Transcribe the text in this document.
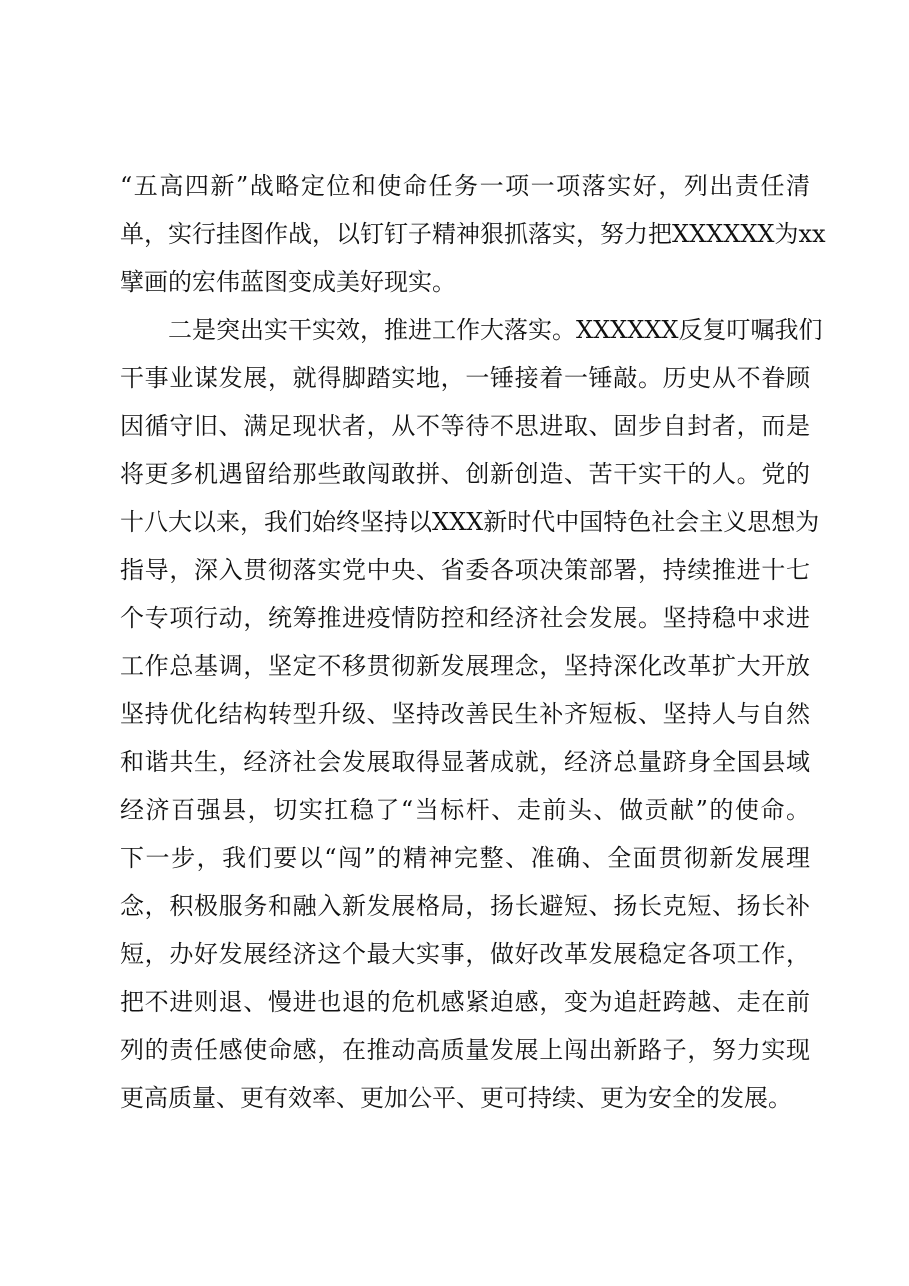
“五高四新”战略定位和使命任务一项一项落实好，列出责任清
单，实行挂图作战，以钉钉子精神狠抓落实，努力把XXXXXX为xx
擘画的宏伟蓝图变成美好现实。
二是突出实干实效，推进工作大落实。XXXXXX反复叮嘱我们
干事业谋发展，就得脚踏实地，一锤接着一锤敲。历史从不眷顾
因循守旧、满足现状者，从不等待不思进取、固步自封者，而是
将更多机遇留给那些敢闯敢拼、创新创造、苦干实干的人。党的
十八大以来，我们始终坚持以XXX新时代中国特色社会主义思想为
指导，深入贯彻落实党中央、省委各项决策部署，持续推进十七
个专项行动，统筹推进疫情防控和经济社会发展。坚持稳中求进
工作总基调，坚定不移贯彻新发展理念，坚持深化改革扩大开放
坚持优化结构转型升级、坚持改善民生补齐短板、坚持人与自然
和谐共生，经济社会发展取得显著成就，经济总量跻身全国县域
经济百强县，切实扛稳了“当标杆、走前头、做贡献”的使命。
下一步，我们要以“闯”的精神完整、准确、全面贯彻新发展理
念，积极服务和融入新发展格局，扬长避短、扬长克短、扬长补
短，办好发展经济这个最大实事，做好改革发展稳定各项工作，
把不进则退、慢进也退的危机感紧迫感，变为追赶跨越、走在前
列的责任感使命感，在推动高质量发展上闯出新路子，努力实现
更高质量、更有效率、更加公平、更可持续、更为安全的发展。
